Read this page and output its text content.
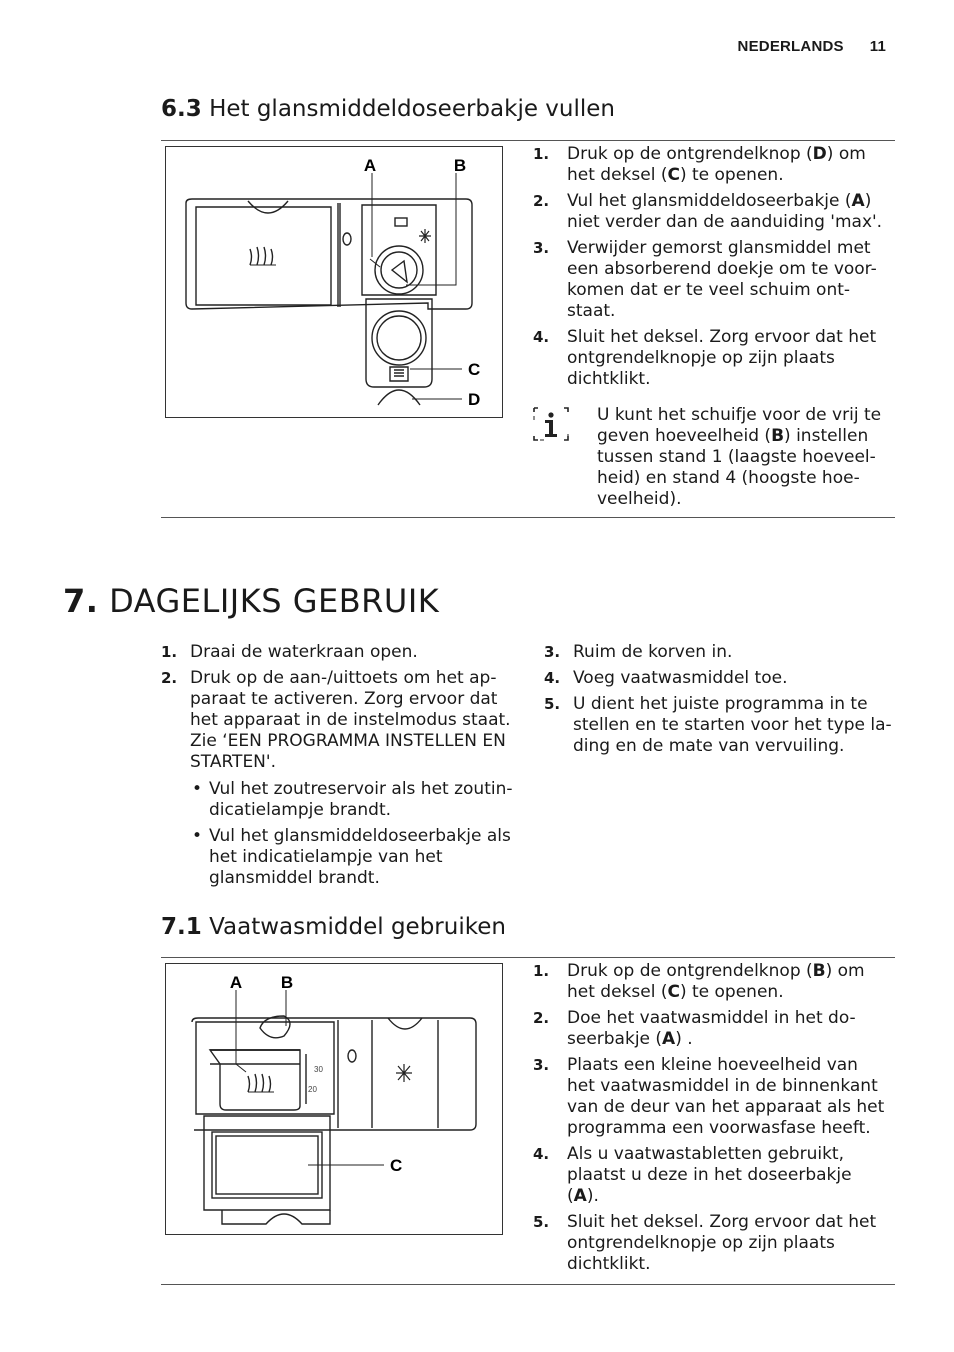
NEDERLANDS 11
6.3 Het glansmiddeldoseerbakje vullen
A	B
C
D
1. Druk op de ontgrendelknop (D) om het deksel (C) te openen.
2. Vul het glansmiddeldoseerbakje (A) niet verder dan de aanduiding 'max'.
3. Verwijder gemorst glansmiddel met een absorberend doekje om te voor-komen dat er te veel schuim ont-staat.
4. Sluit het deksel. Zorg ervoor dat het ontgrendelknopje op zijn plaats dichtklikt.
U kunt het schuifje voor de vrij te geven hoeveelheid (B) instellen tussen stand 1 (laagste hoeveel-heid) en stand 4 (hoogste hoe-veelheid).
7. DAGELIJKS GEBRUIK
1. Draai de waterkraan open.
2. Druk op de aan-/uittoets om het ap-paraat te activeren. Zorg ervoor dat het apparaat in de instelmodus staat. Zie ‘EEN PROGRAMMA INSTELLEN EN STARTEN'.
• Vul het zoutreservoir als het zoutin-dicatielampje brandt.
• Vul het glansmiddeldoseerbakje als het indicatielampje van het glansmiddel brandt.
3. Ruim de korven in.
4. Voeg vaatwasmiddel toe.
5. U dient het juiste programma in te stellen en te starten voor het type la-ding en de mate van vervuiling.
7.1 Vaatwasmiddel gebruiken
30
20
A B
C
1. Druk op de ontgrendelknop (B) om het deksel (C) te openen.
2. Doe het vaatwasmiddel in het do-seerbakje (A) .
3. Plaats een kleine hoeveelheid van het vaatwasmiddel in de binnenkant van de deur van het apparaat als het programma een voorwasfase heeft.
4. Als u vaatwastabletten gebruikt, plaatst u deze in het doseerbakje (A).
5. Sluit het deksel. Zorg ervoor dat het ontgrendelknopje op zijn plaats dichtklikt.
